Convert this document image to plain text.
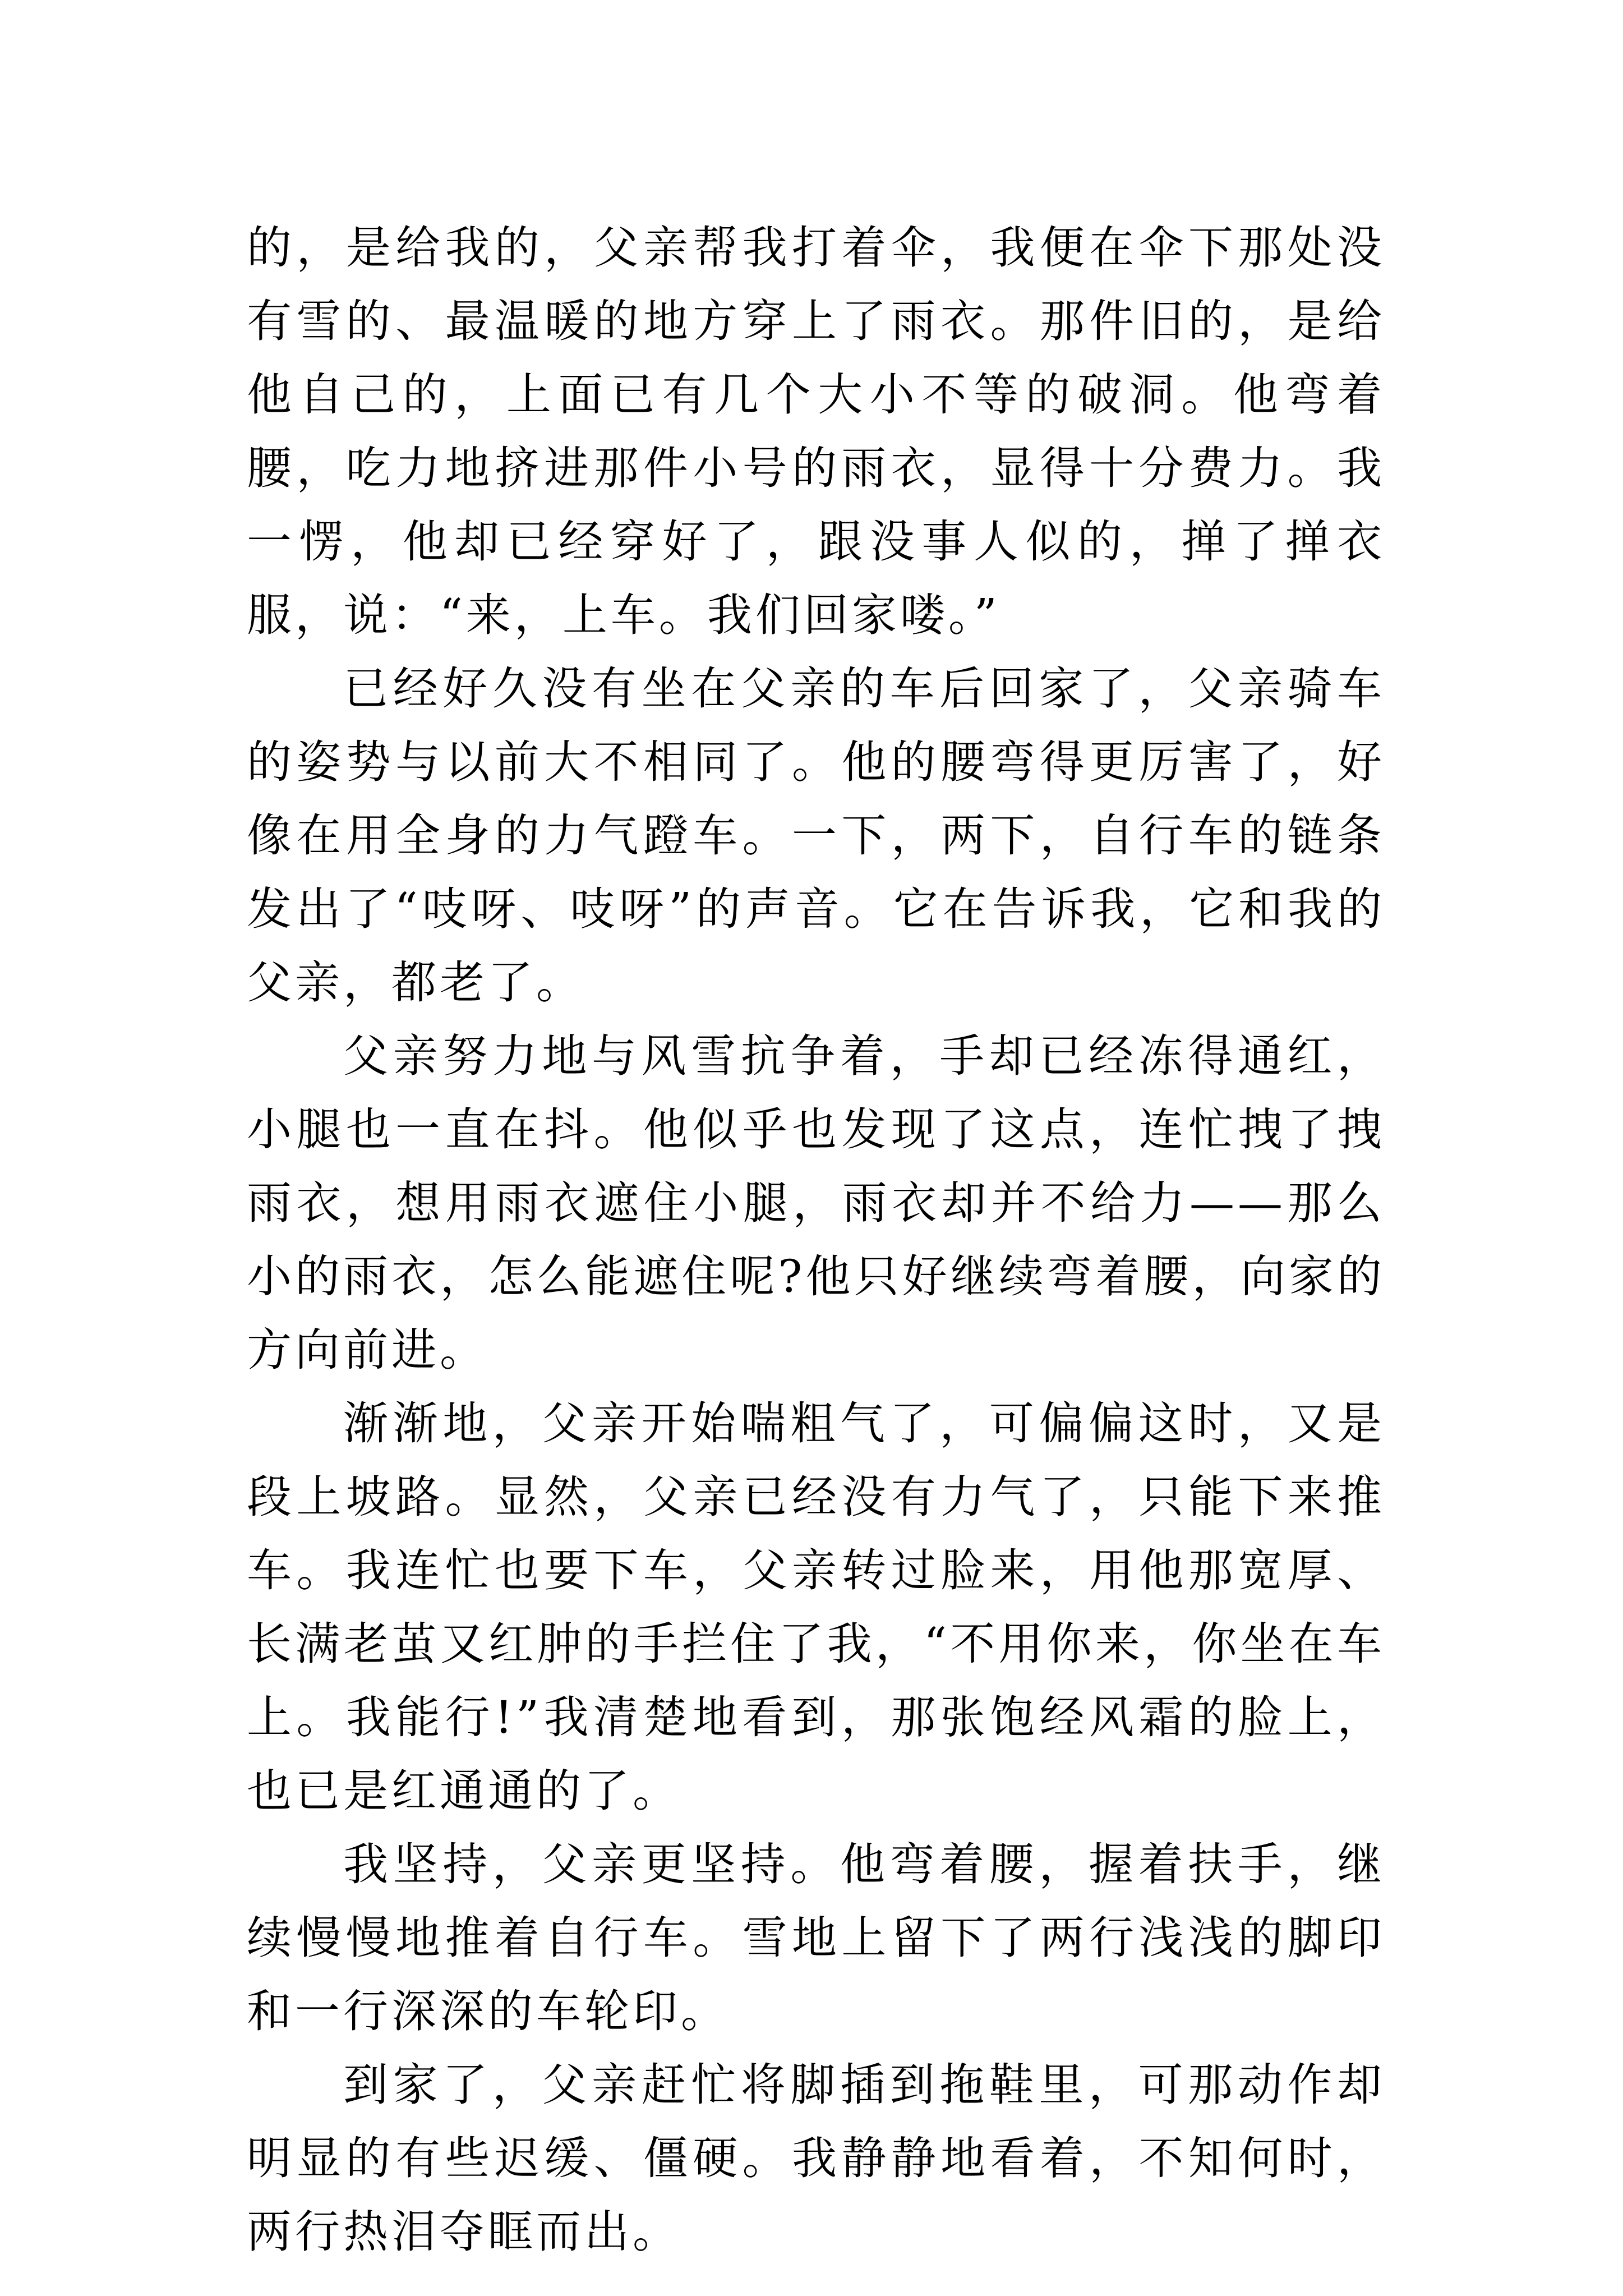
的，是给我的，父亲帮我打着伞，我便在伞下那处没有雪的、最温暖的地方穿上了雨衣。那件旧的，是给他自己的，上面已有几个大小不等的破洞。他弯着腰，吃力地挤进那件小号的雨衣，显得十分费力。我一愣，他却已经穿好了，跟没事人似的，掸了掸衣服，说：“来，上车。我们回家喽。”

已经好久没有坐在父亲的车后回家了，父亲骑车的姿势与以前大不相同了。他的腰弯得更厉害了，好像在用全身的力气蹬车。一下，两下，自行车的链条发出了“吱呀、吱呀”的声音。它在告诉我，它和我的父亲，都老了。

父亲努力地与风雪抗争着，手却已经冻得通红，小腿也一直在抖。他似乎也发现了这点，连忙拽了拽雨衣，想用雨衣遮住小腿，雨衣却并不给力——那么小的雨衣，怎么能遮住呢?他只好继续弯着腰，向家的方向前进。

渐渐地，父亲开始喘粗气了，可偏偏这时，又是段上坡路。显然，父亲已经没有力气了，只能下来推车。我连忙也要下车，父亲转过脸来，用他那宽厚、长满老茧又红肿的手拦住了我，“不用你来，你坐在车上。我能行!”我清楚地看到，那张饱经风霜的脸上，也已是红通通的了。

我坚持，父亲更坚持。他弯着腰，握着扶手，继续慢慢地推着自行车。雪地上留下了两行浅浅的脚印和一行深深的车轮印。

到家了，父亲赶忙将脚插到拖鞋里，可那动作却明显的有些迟缓、僵硬。我静静地看着，不知何时，两行热泪夺眶而出。
